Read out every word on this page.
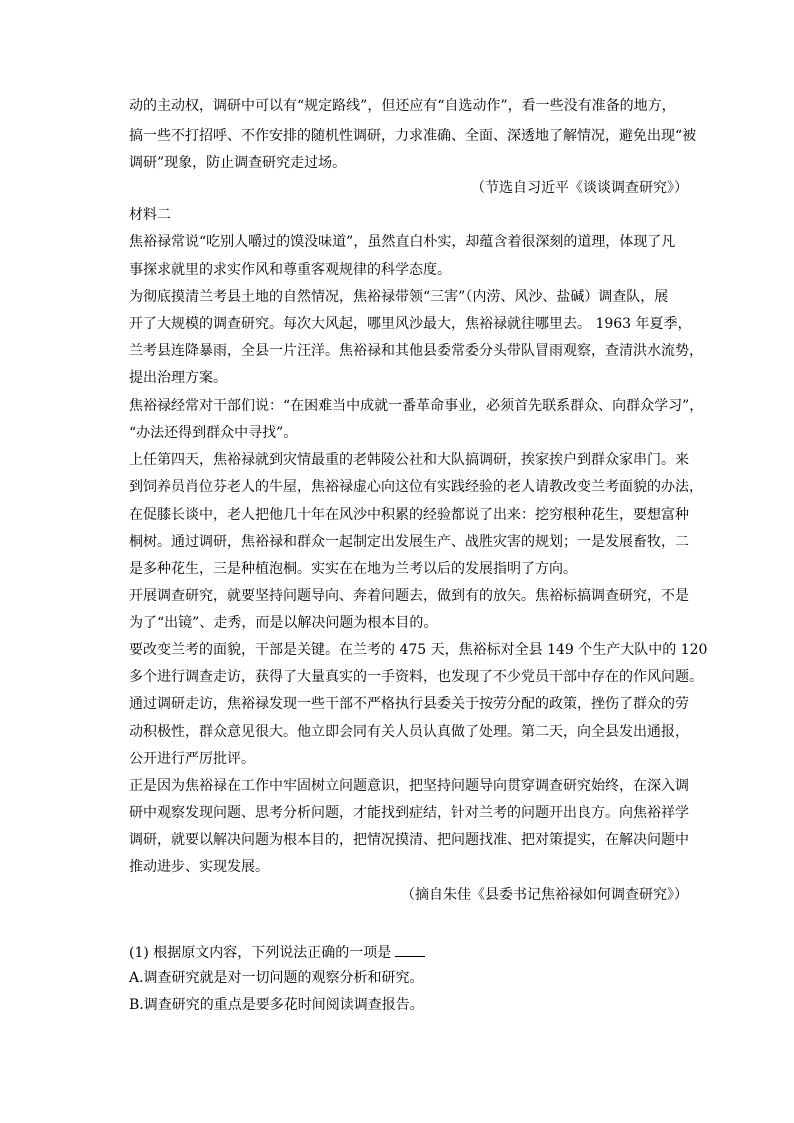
动的主动权，调研中可以有“规定路线”，但还应有“自选动作”，看一些没有准备的地方，
搞一些不打招呼、不作安排的随机性调研，力求准确、全面、深透地了解情况，避免出现“被
调研”现象，防止调查研究走过场。
（节选自习近平《谈谈调查研究》）
材料二
焦裕禄常说“吃别人嚼过的馍没味道”，虽然直白朴实，却蕴含着很深刻的道理，体现了凡
事探求就里的求实作风和尊重客观规律的科学态度。
为彻底摸清兰考县土地的自然情况，焦裕禄带领“三害”（内涝、风沙、盐碱）调查队，展
开了大规模的调查研究。每次大风起，哪里风沙最大，焦裕禄就往哪里去。 1963 年夏季，
兰考县连降暴雨，全县一片汪洋。焦裕禄和其他县委常委分头带队冒雨观察，查清洪水流势，
提出治理方案。
焦裕禄经常对干部们说：“在困难当中成就一番革命事业，必须首先联系群众、向群众学习”，
“办法还得到群众中寻找”。
上任第四天，焦裕禄就到灾情最重的老韩陵公社和大队搞调研，挨家挨户到群众家串门。来
到饲养员肖位芬老人的牛屋，焦裕禄虚心向这位有实践经验的老人请教改变兰考面貌的办法，
在促膝长谈中，老人把他几十年在风沙中积累的经验都说了出来：挖穷根种花生，要想富种
桐树。通过调研，焦裕禄和群众一起制定出发展生产、战胜灾害的规划；一是发展畜牧，二
是多种花生，三是种植泡桐。实实在在地为兰考以后的发展指明了方向。
开展调查研究，就要坚持问题导向、奔着问题去，做到有的放矢。焦裕标搞调查研究，不是
为了“出镜”、走秀，而是以解决问题为根本目的。
要改变兰考的面貌，干部是关键。在兰考的 475 天，焦裕标对全县 149 个生产大队中的 120
多个进行调查走访，获得了大量真实的一手资料，也发现了不少党员干部中存在的作风问题。
通过调研走访，焦裕禄发现一些干部不严格执行县委关于按劳分配的政策，挫伤了群众的劳
动积极性，群众意见很大。他立即会同有关人员认真做了处理。第二天，向全县发出通报，
公开进行严厉批评。
正是因为焦裕禄在工作中牢固树立问题意识，把坚持问题导向贯穿调查研究始终，在深入调
研中观察发现问题、思考分析问题，才能找到症结，针对兰考的问题开出良方。向焦裕祥学
调研，就要以解决问题为根本目的，把情况摸清、把问题找准、把对策提实，在解决问题中
推动进步、实现发展。
（摘自朱佳《县委书记焦裕禄如何调查研究》）
(1) 根据原文内容，下列说法正确的一项是
A.调查研究就是对一切问题的观察分析和研究。
B.调查研究的重点是要多花时间阅读调查报告。
